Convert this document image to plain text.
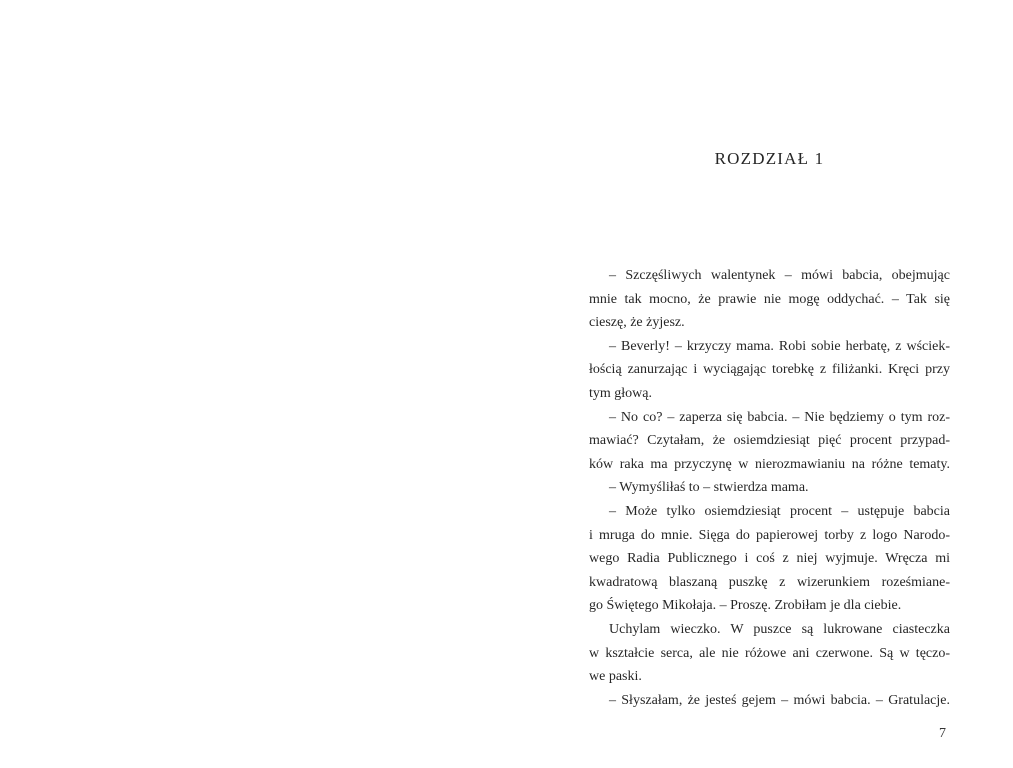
ROZDZIAŁ 1
– Szczęśliwych walentynek – mówi babcia, obejmując
mnie tak mocno, że prawie nie mogę oddychać. – Tak się
cieszę, że żyjesz.
– Beverly! – krzyczy mama. Robi sobie herbatę, z wściek-
łością zanurzając i wyciągając torebkę z filiżanki. Kręci przy
tym głową.
– No co? – zaperza się babcia. – Nie będziemy o tym roz-
mawiać? Czytałam, że osiemdziesiąt pięć procent przypad-
ków raka ma przyczynę w nierozmawianiu na różne tematy.
– Wymyśliłaś to – stwierdza mama.
– Może tylko osiemdziesiąt procent – ustępuje babcia
i mruga do mnie. Sięga do papierowej torby z logo Narodo-
wego Radia Publicznego i coś z niej wyjmuje. Wręcza mi
kwadratową blaszaną puszkę z wizerunkiem roześmiane-
go Świętego Mikołaja. – Proszę. Zrobiłam je dla ciebie.
Uchylam wieczko. W puszce są lukrowane ciasteczka
w kształcie serca, ale nie różowe ani czerwone. Są w tęczo-
we paski.
– Słyszałam, że jesteś gejem – mówi babcia. – Gratulacje.
7
